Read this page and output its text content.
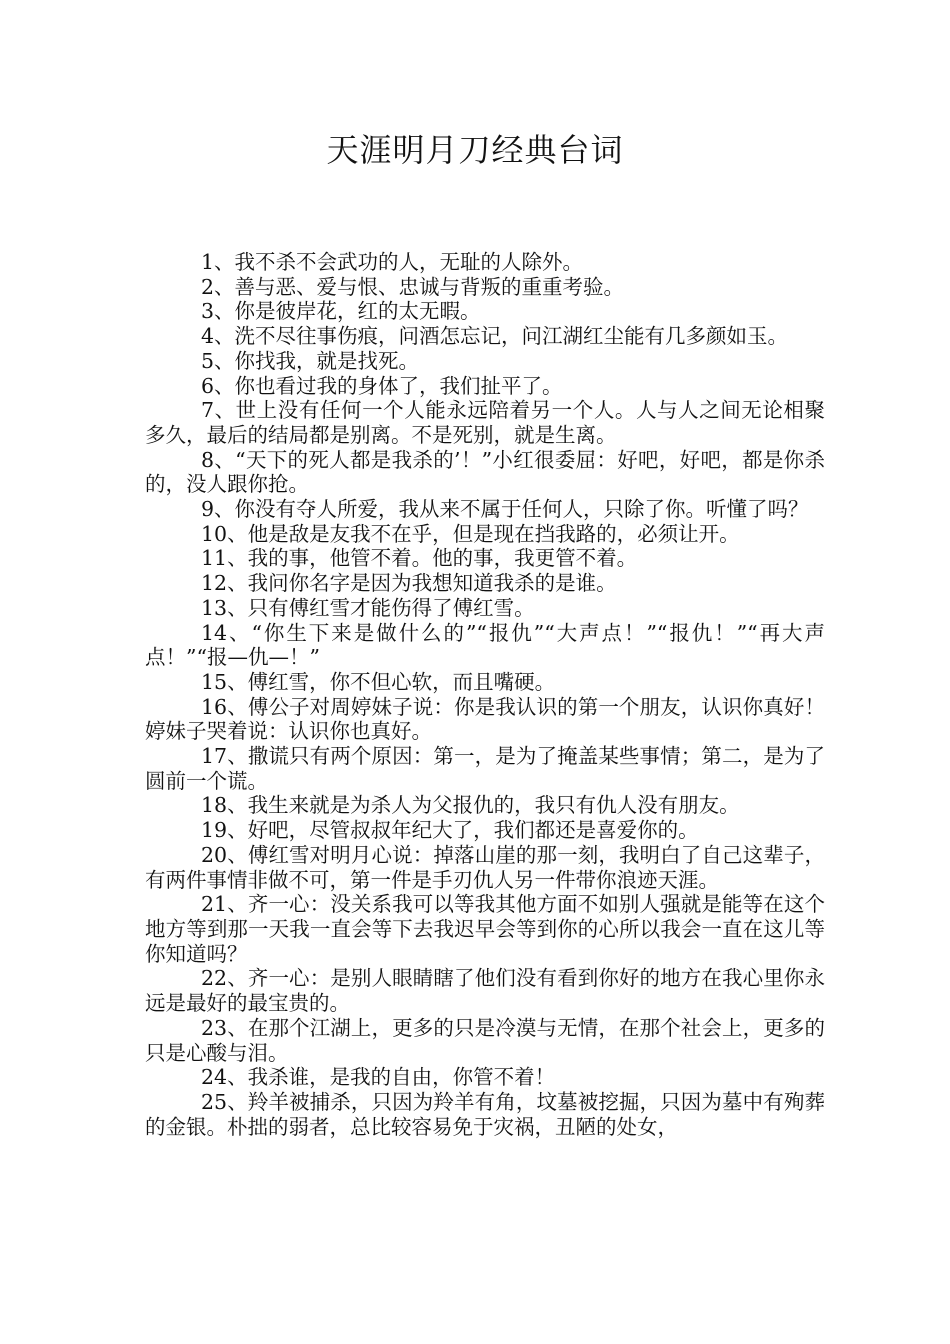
天涯明月刀经典台词

1、我不杀不会武功的人，无耻的人除外。

2、善与恶、爱与恨、忠诚与背叛的重重考验。

3、你是彼岸花，红的太无暇。

4、洗不尽往事伤痕，问酒怎忘记，问江湖红尘能有几多颜如玉。

5、你找我，就是找死。

6、你也看过我的身体了，我们扯平了。

7、世上没有任何一个人能永远陪着另一个人。人与人之间无论相聚多久，最后的结局都是别离。不是死别，就是生离。

8、“天下的死人都是我杀的’！”小红很委屈：好吧，好吧，都是你杀的，没人跟你抢。

9、你没有夺人所爱，我从来不属于任何人，只除了你。听懂了吗？

10、他是敌是友我不在乎，但是现在挡我路的，必须让开。

11、我的事，他管不着。他的事，我更管不着。

12、我问你名字是因为我想知道我杀的是谁。

13、只有傅红雪才能伤得了傅红雪。

14、“你生下来是做什么的”“报仇”“大声点！”“报仇！”“再大声点！”“报—仇—！”

15、傅红雪，你不但心软，而且嘴硬。

16、傅公子对周婷妹子说：你是我认识的第一个朋友，认识你真好！婷妹子哭着说：认识你也真好。

17、撒谎只有两个原因：第一，是为了掩盖某些事情；第二，是为了圆前一个谎。

18、我生来就是为杀人为父报仇的，我只有仇人没有朋友。

19、好吧，尽管叔叔年纪大了，我们都还是喜爱你的。

20、傅红雪对明月心说：掉落山崖的那一刻，我明白了自己这辈子，有两件事情非做不可，第一件是手刃仇人另一件带你浪迹天涯。

21、齐一心：没关系我可以等我其他方面不如别人强就是能等在这个地方等到那一天我一直会等下去我迟早会等到你的心所以我会一直在这儿等你知道吗？

22、齐一心：是别人眼睛瞎了他们没有看到你好的地方在我心里你永远是最好的最宝贵的。

23、在那个江湖上，更多的只是冷漠与无情，在那个社会上，更多的只是心酸与泪。

24、我杀谁，是我的自由，你管不着！

25、羚羊被捕杀，只因为羚羊有角，坟墓被挖掘，只因为墓中有殉葬的金银。朴拙的弱者，总比较容易免于灾祸，丑陋的处女，
